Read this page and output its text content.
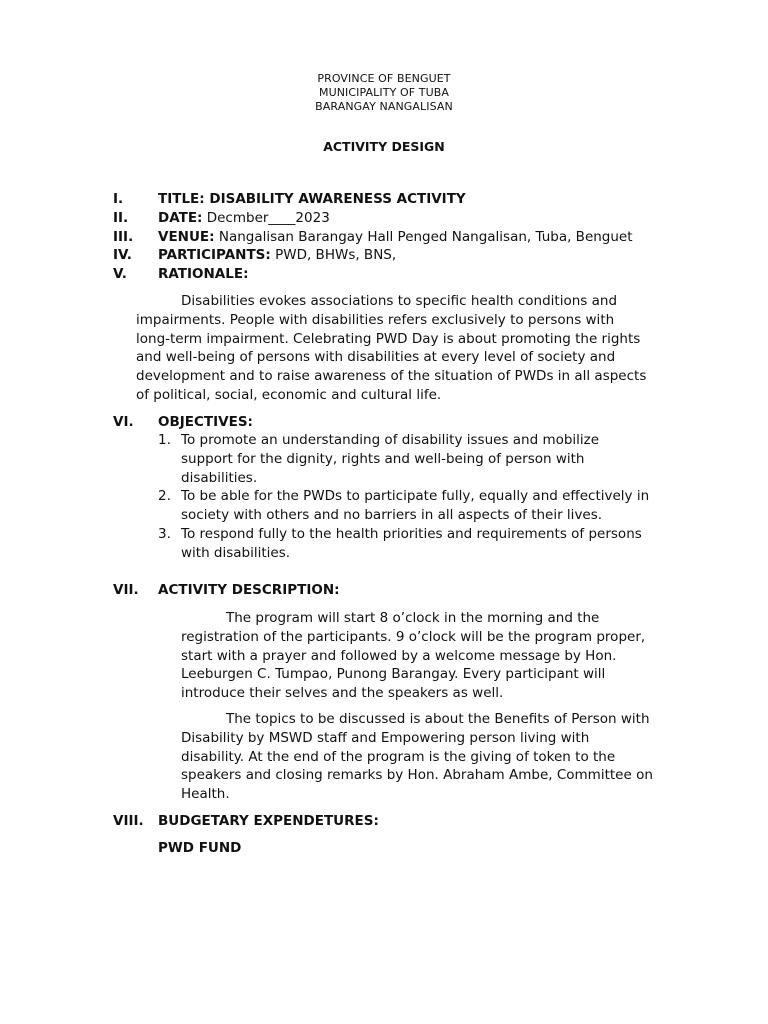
PROVINCE OF BENGUET
MUNICIPALITY OF TUBA
BARANGAY NANGALISAN
ACTIVITY DESIGN
I.	TITLE: DISABILITY AWARENESS ACTIVITY
II. DATE: Decmber____2023
III. VENUE: Nangalisan Barangay Hall Penged Nangalisan, Tuba, Benguet
IV. PARTICIPANTS: PWD, BHWs, BNS,
V. RATIONALE:
Disabilities evokes associations to specific health conditions and
impairments. People with disabilities refers exclusively to persons with
long-term impairment. Celebrating PWD Day is about promoting the rights
and well-being of persons with disabilities at every level of society and
development and to raise awareness of the situation of PWDs in all aspects
of political, social, economic and cultural life.
VI. OBJECTIVES:
1. To promote an understanding of disability issues and mobilize
support for the dignity, rights and well-being of person with
disabilities.
2. To be able for the PWDs to participate fully, equally and effectively in
society with others and no barriers in all aspects of their lives.
3. To respond fully to the health priorities and requirements of persons
with disabilities.
VII. ACTIVITY DESCRIPTION:
The program will start 8 o’clock in the morning and the
registration of the participants. 9 o’clock will be the program proper,
start with a prayer and followed by a welcome message by Hon.
Leeburgen C. Tumpao, Punong Barangay. Every participant will
introduce their selves and the speakers as well.
The topics to be discussed is about the Benefits of Person with
Disability by MSWD staff and Empowering person living with
disability. At the end of the program is the giving of token to the
speakers and closing remarks by Hon. Abraham Ambe, Committee on
Health.
VIII. BUDGETARY EXPENDETURES:
PWD FUND
